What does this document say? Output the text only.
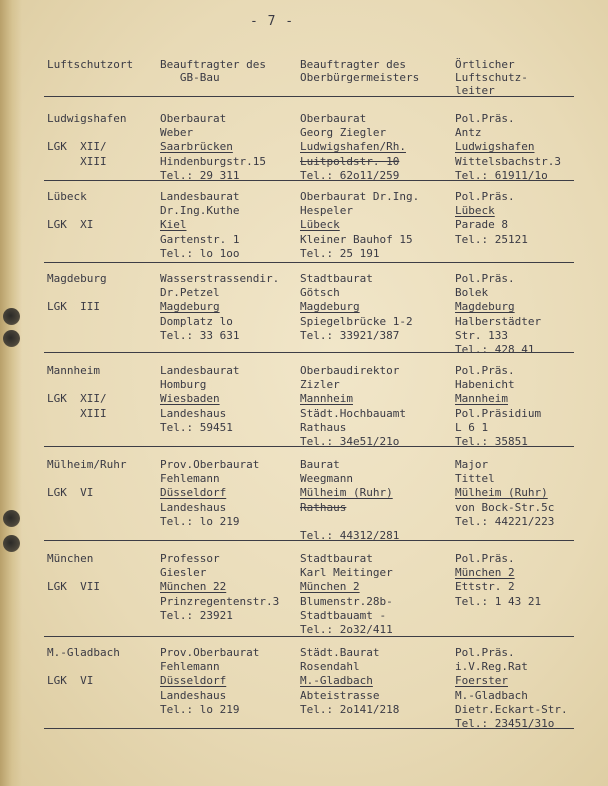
- 7 -
Luftschutzort Beauftragter des
GB-Bau
Beauftragter des
Oberbürgermeisters
Örtlicher
Luftschutz-
leiter
Ludwigshafen

LGK  XII/
XIII
Oberbaurat
Weber
Saarbrücken
Hindenburgstr.15
Tel.: 29 311
Oberbaurat
Georg Ziegler
Ludwigshafen/Rh.
Luitpoldstr. 10
Tel.: 62o11/259
Pol.Präs.
Antz
Ludwigshafen
Wittelsbachstr.3
Tel.: 61911/1o
Lübeck

LGK  XI
Landesbaurat
Dr.Ing.Kuthe
Kiel
Gartenstr. 1
Tel.: lo 1oo
Oberbaurat Dr.Ing.
Hespeler
Lübeck
Kleiner Bauhof 15
Tel.: 25 191
Pol.Präs.
Lübeck
Parade 8
Tel.: 25121
Magdeburg

LGK  III
Wasserstrassendir.
Dr.Petzel
Magdeburg
Domplatz lo
Tel.: 33 631
Stadtbaurat
Götsch
Magdeburg
Spiegelbrücke 1-2
Tel.: 33921/387
Pol.Präs.
Bolek
Magdeburg
Halberstädter
Str. 133
Tel.: 428 41
Mannheim

LGK  XII/
XIII
Landesbaurat
Homburg
Wiesbaden
Landeshaus
Tel.: 59451
Oberbaudirektor
Zizler
Mannheim
Städt.Hochbauamt
Rathaus
Tel.: 34e51/21o
Pol.Präs.
Habenicht
Mannheim
Pol.Präsidium
L 6 1
Tel.: 35851
Mülheim/Ruhr

LGK  VI
Prov.Oberbaurat
Fehlemann
Düsseldorf
Landeshaus
Tel.: lo 219
Baurat
Weegmann
Mülheim (Ruhr)
Rathaus

Tel.: 44312/281
Major
Tittel
Mülheim (Ruhr)
von Bock-Str.5c
Tel.: 44221/223
München

LGK  VII
Professor
Giesler
München 22
Prinzregentenstr.3
Tel.: 23921
Stadtbaurat
Karl Meitinger
München 2
Blumenstr.28b-
Stadtbauamt -
Tel.: 2o32/411
Pol.Präs.
München 2
Ettstr. 2
Tel.: 1 43 21
M.-Gladbach

LGK  VI
Prov.Oberbaurat
Fehlemann
Düsseldorf
Landeshaus
Tel.: lo 219
Städt.Baurat
Rosendahl
M.-Gladbach
Abteistrasse
Tel.: 2o141/218
Pol.Präs.
i.V.Reg.Rat
Foerster
M.-Gladbach
Dietr.Eckart-Str.
Tel.: 23451/31o
